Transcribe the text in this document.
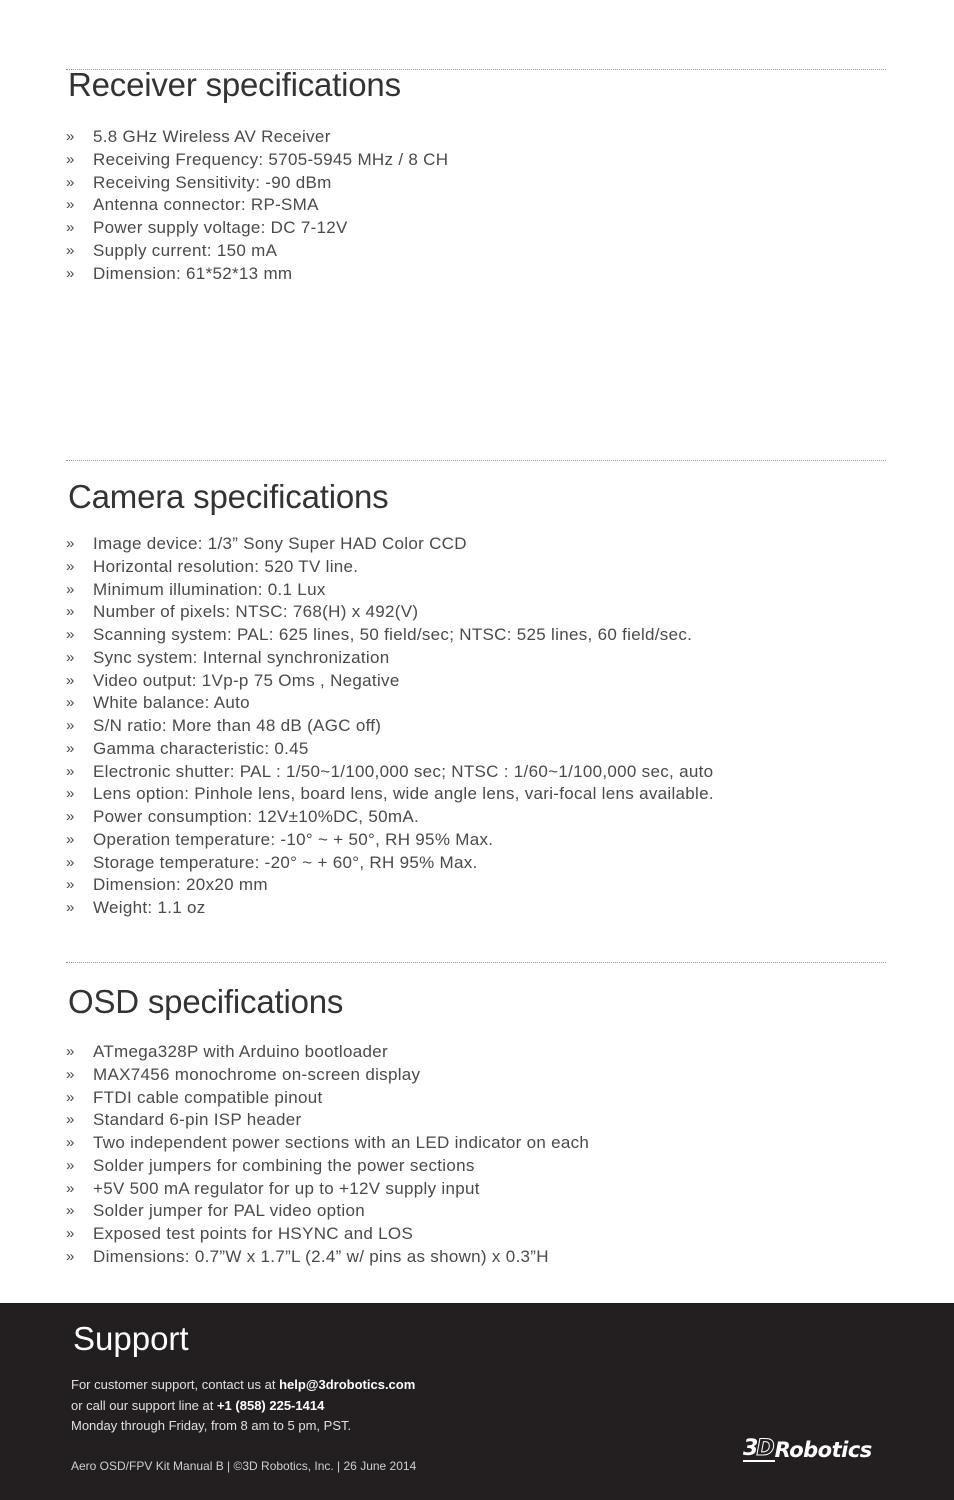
Receiver specifications
»	5.8 GHz Wireless AV Receiver
»	Receiving Frequency: 5705-5945 MHz / 8 CH
»	Receiving Sensitivity: -90 dBm
»	Antenna connector: RP-SMA
»	Power supply voltage: DC 7-12V
»	Supply current: 150 mA
»	Dimension: 61*52*13 mm
Camera specifications
»	Image device: 1/3” Sony Super HAD Color CCD
»	Horizontal resolution: 520 TV line.
»	Minimum illumination: 0.1 Lux
»	Number of pixels: NTSC: 768(H) x 492(V)
»	Scanning system: PAL: 625 lines, 50 field/sec; NTSC: 525 lines, 60 field/sec.
»	Sync system: Internal synchronization
»	Video output: 1Vp-p 75 Oms , Negative
»	White balance: Auto
»	S/N ratio: More than 48 dB (AGC off)
»	Gamma characteristic: 0.45
»	Electronic shutter: PAL : 1/50~1/100,000 sec; NTSC : 1/60~1/100,000 sec, auto
»	Lens option: Pinhole lens, board lens, wide angle lens, vari-focal lens available.
»	Power consumption: 12V±10%DC, 50mA.
»	Operation temperature: -10° ~ + 50°, RH 95% Max.
»	Storage temperature: -20° ~ + 60°, RH 95% Max.
»	Dimension: 20x20 mm
»	Weight: 1.1 oz
OSD specifications
»	ATmega328P with Arduino bootloader
»	MAX7456 monochrome on-screen display
»	FTDI cable compatible pinout
»	Standard 6-pin ISP header
»	Two independent power sections with an LED indicator on each
»	Solder jumpers for combining the power sections
»	+5V 500 mA regulator for up to +12V supply input
»	Solder jumper for PAL video option
»	Exposed test points for HSYNC and LOS
»	Dimensions: 0.7”W x 1.7”L (2.4” w/ pins as shown) x 0.3”H
Support
For customer support, contact us at help@3drobotics.com
or call our support line at +1 (858) 225-1414
Monday through Friday, from 8 am to 5 pm, PST.
Aero OSD/FPV Kit Manual B | ©3D Robotics, Inc. | 26 June 2014
3D Robotics
